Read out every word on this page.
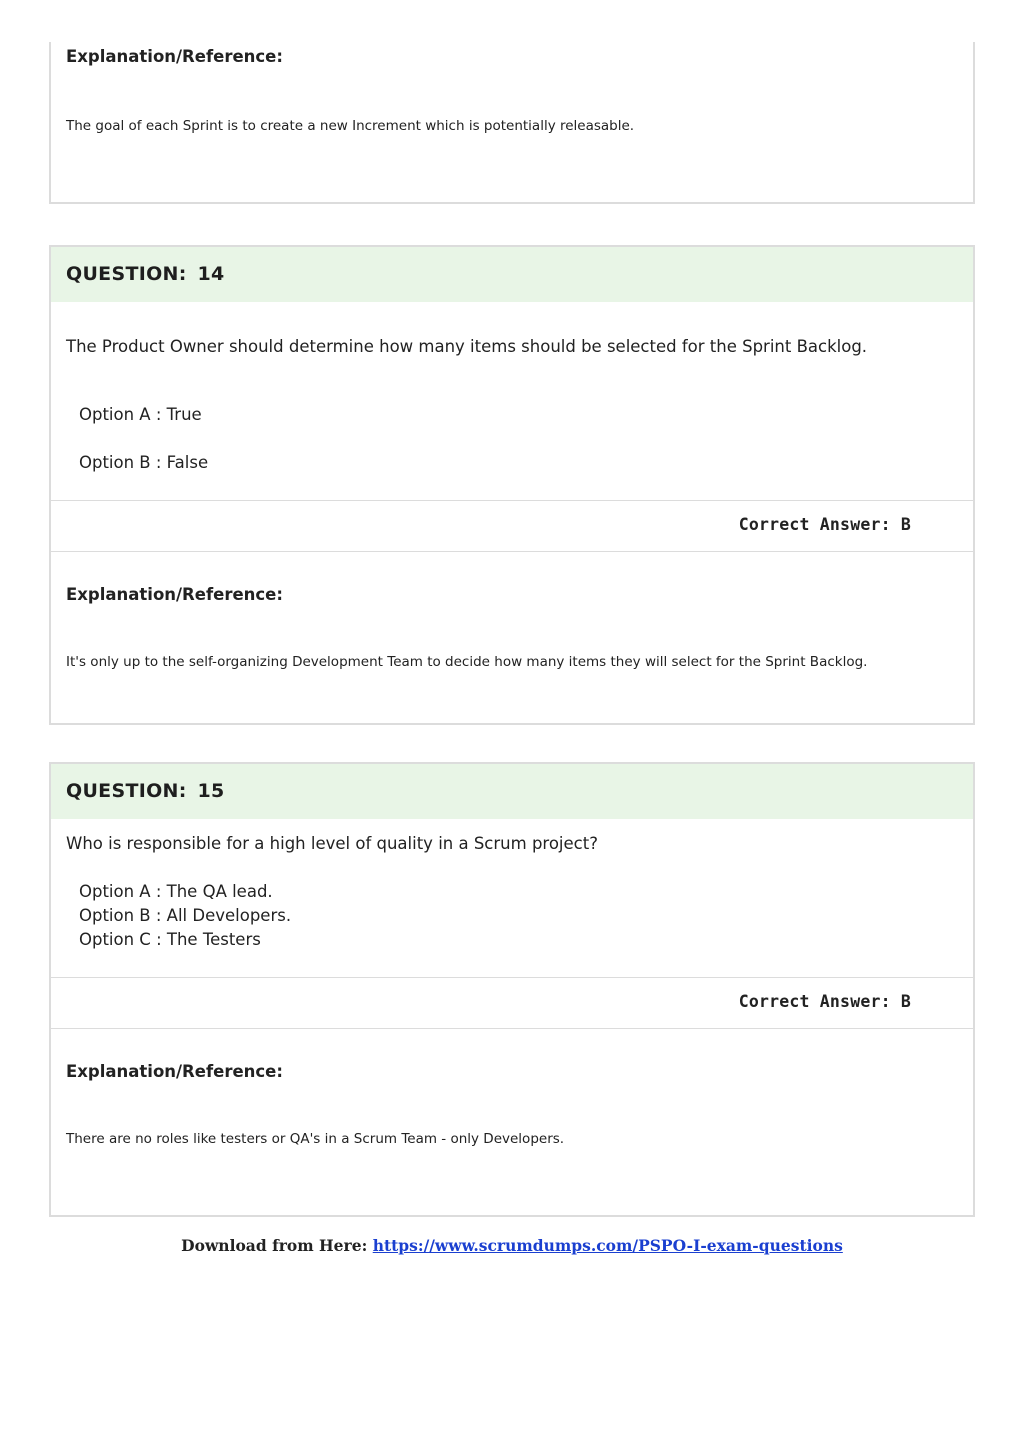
Explanation/Reference:
The goal of each Sprint is to create a new Increment which is potentially releasable.
QUESTION: 14
The Product Owner should determine how many items should be selected for the Sprint Backlog.
Option A : True
Option B : False
Correct Answer: B
Explanation/Reference:
It's only up to the self-organizing Development Team to decide how many items they will select for the Sprint Backlog.
QUESTION: 15
Who is responsible for a high level of quality in a Scrum project?
Option A : The QA lead.
Option B : All Developers.
Option C : The Testers
Correct Answer: B
Explanation/Reference:
There are no roles like testers or QA's in a Scrum Team - only Developers.
Download from Here: https://www.scrumdumps.com/PSPO-I-exam-questions
